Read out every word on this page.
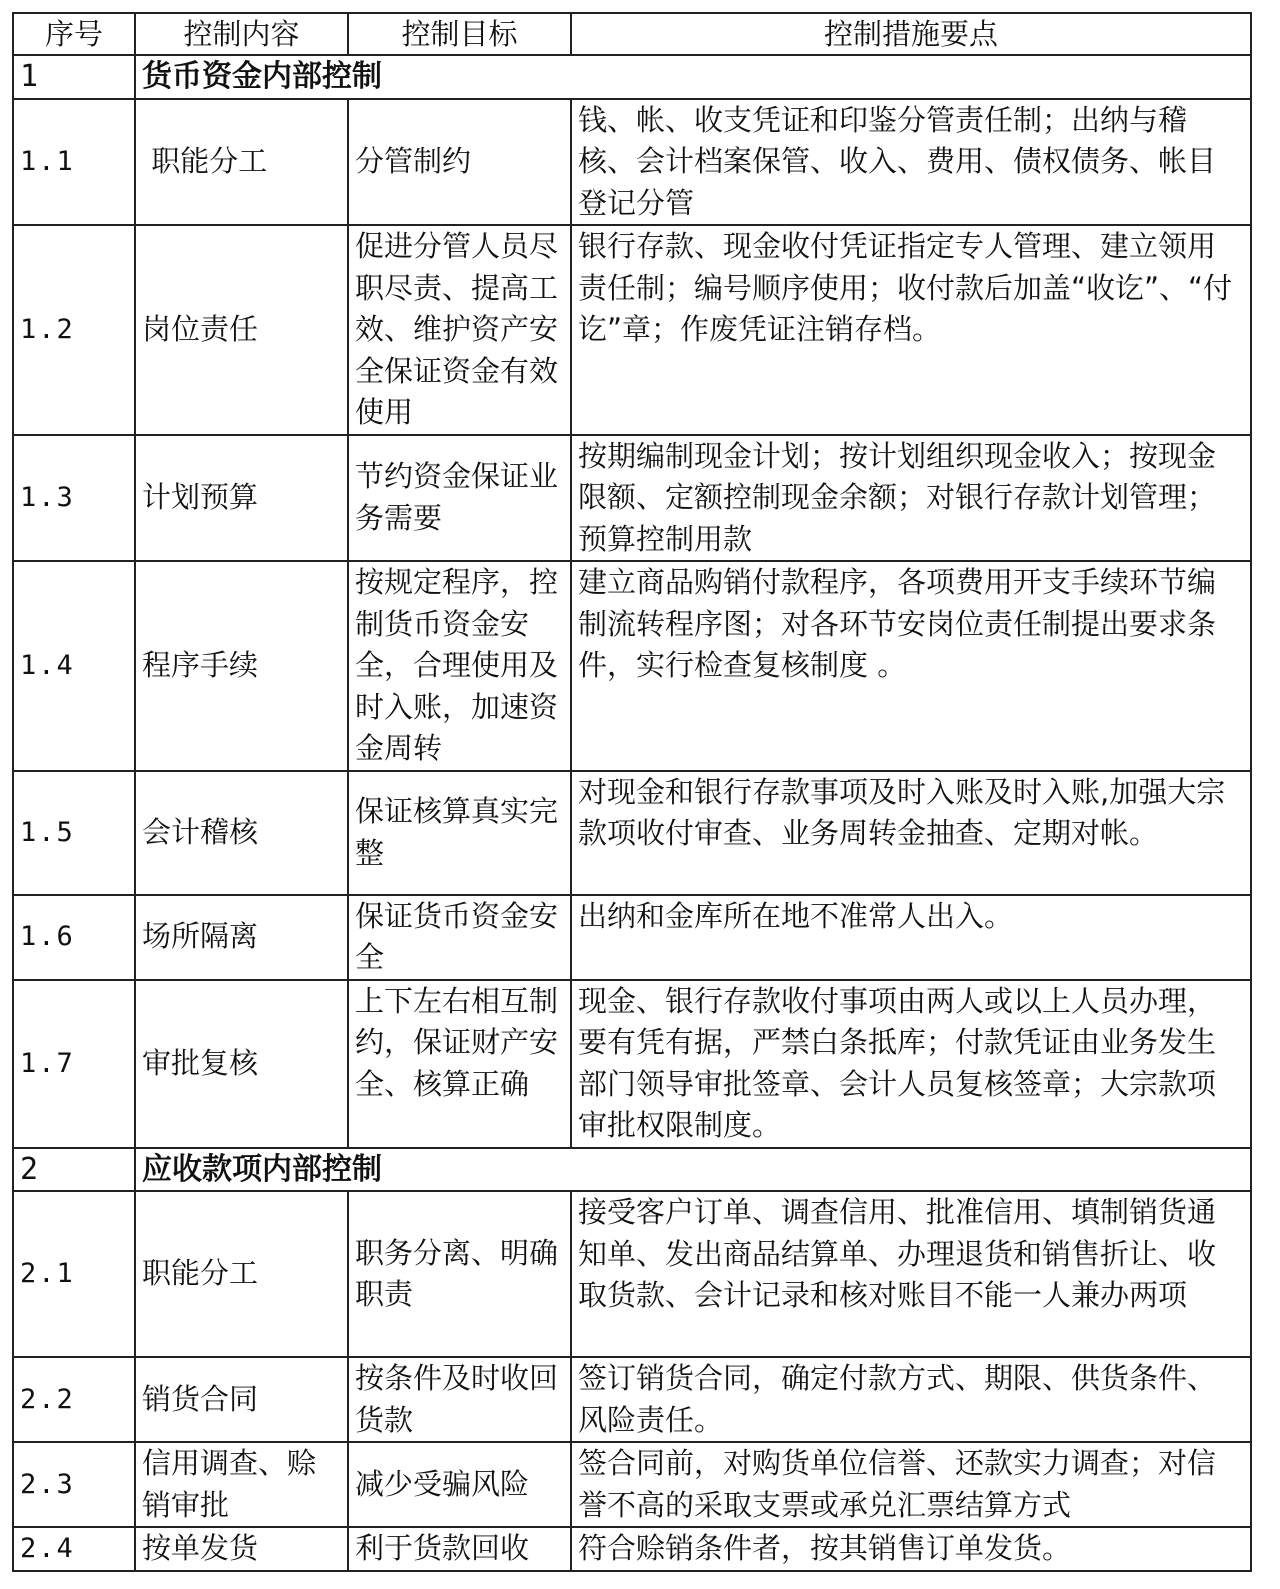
序号	控制内容	控制目标	控制措施要点
1	货币资金内部控制		
1.1	职能分工	分管制约	钱、帐、收支凭证和印鉴分管责任制；出纳与稽核、会计档案保管、收入、费用、债权债务、帐目登记分管
1.2	岗位责任	促进分管人员尽职尽责、提高工效、维护资产安全保证资金有效使用	银行存款、现金收付凭证指定专人管理、建立领用责任制；编号顺序使用；收付款后加盖“收讫”、“付讫”章；作废凭证注销存档。
1.3	计划预算	节约资金保证业务需要	按期编制现金计划；按计划组织现金收入；按现金限额、定额控制现金余额；对银行存款计划管理；预算控制用款
1.4	程序手续	按规定程序，控制货币资金安全，合理使用及时入账，加速资金周转	建立商品购销付款程序，各项费用开支手续环节编制流转程序图；对各环节安岗位责任制提出要求条件，实行检查复核制度 。
1.5	会计稽核	保证核算真实完整	对现金和银行存款事项及时入账及时入账,加强大宗款项收付审查、业务周转金抽查、定期对帐。
1.6	场所隔离	保证货币资金安全	出纳和金库所在地不准常人出入。
1.7	审批复核	上下左右相互制约，保证财产安全、核算正确	现金、银行存款收付事项由两人或以上人员办理，要有凭有据，严禁白条抵库；付款凭证由业务发生部门领导审批签章、会计人员复核签章；大宗款项审批权限制度。
2	应收款项内部控制		
2.1	职能分工	职务分离、明确职责	接受客户订单、调查信用、批准信用、填制销货通知单、发出商品结算单、办理退货和销售折让、收取货款、会计记录和核对账目不能一人兼办两项
2.2	销货合同	按条件及时收回货款	签订销货合同，确定付款方式、期限、供货条件、风险责任。
2.3	信用调查、赊销审批	减少受骗风险	签合同前，对购货单位信誉、还款实力调查；对信誉不高的采取支票或承兑汇票结算方式
2.4	按单发货	利于货款回收	符合赊销条件者，按其销售订单发货。
